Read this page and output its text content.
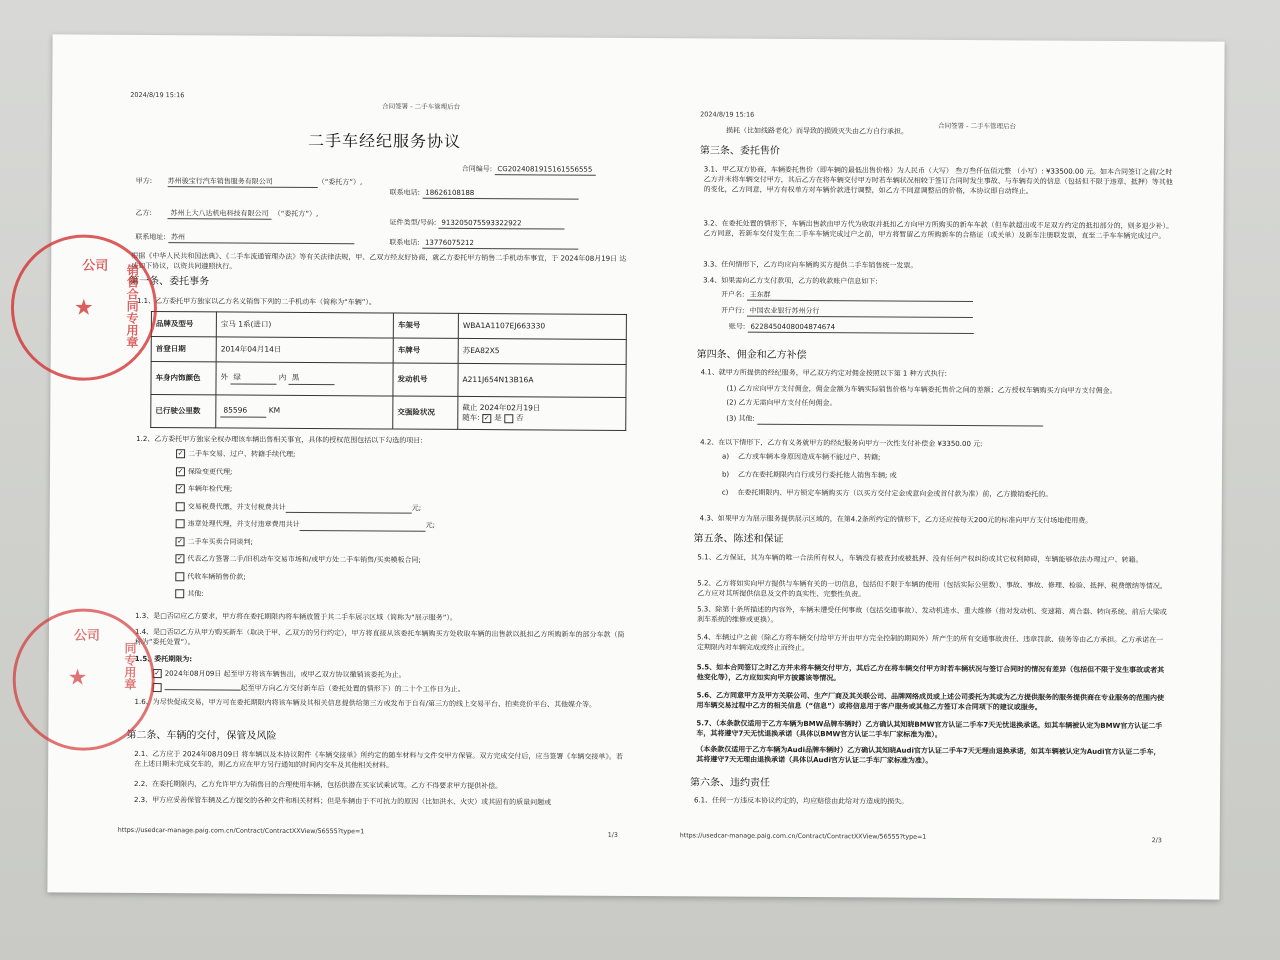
2024/8/19 15:16
合同签署 - 二手车管理后台
二手车经纪服务协议
合同编号: CG2024081915161556555
甲方: 苏州骏宝行汽车销售服务有限公司	（“委托方”）,
联系电话: 18626108188
乙方:	苏州上大八达机电科技有限公司 （“委托方”）,
证件类型/号码: 913205075593322922
联系地址: 苏州
联系电话: 13776075212
根据《中华人民共和国法典》、《二手车流通管理办法》等有关法律法规，甲、乙双方经友好协商，就乙方委托甲方销售二手机动车事宜，于 2024年08月19日 达成如下协议，以资共同遵照执行。
第一条、委托事务
1.1、乙方委托甲方独家以乙方名义销售下列的二手机动车（简称为“车辆”）。
品牌及型号	宝马 1系(进口)	车架号	WBA1A1107EJ663330
首登日期	2014年04月14日	车牌号	苏EA82X5
车身内饰颜色	外 绿 内 黑	发动机号	A211J654N13B16A
已行驶公里数	85596 KM	交强险状况	截止 2024年02月19日
随车: ✓ 是 否
1.2、乙方委托甲方独家全权办理该车辆出售相关事宜，具体的授权范围包括以下勾选的项目:
✓ 二手车交易、过户、转籍手续代理;
✓ 保险变更代理;
✓ 车辆年检代理;
交易税费代缴，并支付税费共计	元;
违章处理代理，并支付违章费用共计	元;
✓ 二手车买卖合同谈判;
✓ 代表乙方签署二手/旧机动车交易市场和/或甲方处二手车销售/买卖模板合同;
代收车辆销售价款;
其他:
1.3、是□否☑应乙方要求，甲方将在委托期限内将车辆放置于其二手车展示区域（简称为“展示服务”）。
1.4、是□否☑乙方从甲方购买新车（取决于甲、乙双方的另行约定），甲方将直接从该委托车辆购买方处收取车辆的出售款以抵扣乙方所购新车的部分车款（简称为“委托处置”）。
1.5、委托期限为:
✓ 2024年08月09日 起至甲方将该车辆售出，或甲乙双方协议撤销该委托为止。
起至甲方向乙方交付新车后（委托处置的情形下）的二十个工作日为止。
1.6、为尽快促成交易，甲方可在委托期限内将该车辆及其相关信息提供给第三方或发布于自有/第三方的线上交易平台、拍卖竞价平台、其他媒介等。
第二条、车辆的交付，保管及风险
2.1、乙方应于 2024年08月09日 将车辆以及本协议附件《车辆交接单》所约定的随车材料与文件交甲方保管。双方完成交付后，应当签署《车辆交接单》。若在上述日期未完成交车的，则乙方应在甲方另行通知的时间内交车及其他相关材料。
2.2、在委托期限内，乙方允许甲方为销售目的合理使用车辆，包括供潜在买家试乘试驾。乙方不得要求甲方提供补偿。
2.3、甲方应妥善保管车辆及乙方提交的各种文件和相关材料；但是车辆由于不可抗力的原因（比如洪水、火灾）或其固有的质量问题或
https://usedcar-manage.paig.com.cn/Contract/ContractXXView/56555?type=1
1/3
公司
★	销售合同专用章
公司
★	同专用章
2024/8/19 15:16
合同签署 - 二手车管理后台
损耗（比如线路老化）而导致的损毁灭失由乙方自行承担。
第三条、委托售价
3.1、甲乙双方协商，车辆委托售价（即车辆的最低出售价格）为人民币（大写） 叁万叁仟伍佰元整 （小写）: ¥33500.00 元。如本合同签订之前/之时乙方并未将车辆交付甲方，其后乙方在将车辆交付甲方时若车辆状况相较于签订合同时发生事故、与车辆有关的信息（包括但不限于违章、抵押）等其他的变化，乙方同意，甲方有权单方对车辆价款进行调整，如乙方不同意调整后的价格，本协议即自动终止。
3.2、在委托处置的情形下，车辆出售款由甲方代为收取并抵扣乙方向甲方所购买的新车车款（但车款超出或不足双方约定的抵扣部分的，则多退少补）。乙方同意，若新车交付发生在二手车车辆完成过户之前，甲方将暂留乙方所购新车的合格证（或关单）及新车注册联发票，直至二手车车辆完成过户。
3.3、任何情形下，乙方均应向车辆购买方提供二手车销售统一发票。
3.4、如果需向乙方支付款项，乙方的收款账户信息如下:
开户名: 王东群
开户行: 中国农业银行苏州分行
账号: 6228450408004874674
第四条、佣金和乙方补偿
4.1、就甲方所提供的经纪服务，甲乙双方约定对佣金按照以下第 1 种方式执行:
(1) 乙方应向甲方支付佣金，佣金金额为车辆实际销售价格与车辆委托售价之间的差额；乙方授权车辆购买方向甲方支付佣金。
(2) 乙方无需向甲方支付任何佣金。
(3) 其他:
4.2、在以下情形下，乙方有义务就甲方的经纪服务向甲方一次性支付补偿金 ¥3350.00 元:
a)    乙方或车辆本身原因造成车辆不能过户、转籍;
b)    乙方在委托期限内自行或另行委托他人销售车辆; 或
c)    在委托期限内、甲方锁定车辆购买方（以买方交付定金或意向金或首付款为准）前，乙方撤销委托的。
4.3、如果甲方为展示服务提供展示区域的，在第4.2条所约定的情形下，乙方还应按每天200元的标准向甲方支付场地使用费。
第五条、陈述和保证
5.1、乙方保证，其为车辆的唯一合法所有权人，车辆没有被查封或被抵押、没有任何产权纠纷或其它权利障碍，车辆能够依法办理过户、转籍。
5.2、乙方将如实向甲方提供与车辆有关的一切信息，包括但不限于车辆的使用（包括实际公里数）、事故、事故、修理、检验、抵押、税费缴纳等情况。乙方应对其所提供信息及文件的真实性、完整性负责。
5.3、除第十条所描述的内容外，车辆未遭受任何事故（包括交通事故）、发动机进水、重大维修（指对发动机、变速箱、离合器、转向系统、前后大梁或刹车系统的维修或更换）。
5.4、车辆过户之前（除乙方将车辆交付给甲方并由甲方完全控制的期间外）所产生的所有交通事故责任、违章罚款、债务等由乙方承担。乙方承诺在一定期限内对车辆完成或终止而终止。
5.5、如本合同签订之时乙方并未将车辆交付甲方，其后乙方在将车辆交付甲方时若车辆状况与签订合同时的情况有差异（包括但不限于发生事故或者其他变化等），乙方应如实向甲方披露该等情况。
5.6、乙方同意甲方及甲方关联公司、生产厂商及其关联公司、品牌网络成员或上述公司委托为其或为乙方提供服务的服务提供商在专业服务的范围内使用车辆交易过程中乙方的相关信息（“信息”）或将信息用于客户服务或其他乙方签订本合同项下的建议或服务。
5.7、（本条款仅适用于乙方车辆为BMW品牌车辆时）乙方确认其知晓BMW官方认证二手车7天无忧退换承诺。如其车辆被认定为BMW官方认证二手车，其将遵守7天无忧退换承诺（具体以BMW官方认证二手车厂家标准为准）。
（本条款仅适用于乙方车辆为Audi品牌车辆时）乙方确认其知晓Audi官方认证二手车7天无理由退换承诺，如其车辆被认定为Audi官方认证二手车，其将遵守7天无理由退换承诺（具体以Audi官方认证二手车厂家标准为准）。
第六条、违约责任
6.1、任何一方违反本协议约定的，均应赔偿由此给对方造成的损失。
https://usedcar-manage.paig.com.cn/Contract/ContractXXView/56555?type=1	2/3
